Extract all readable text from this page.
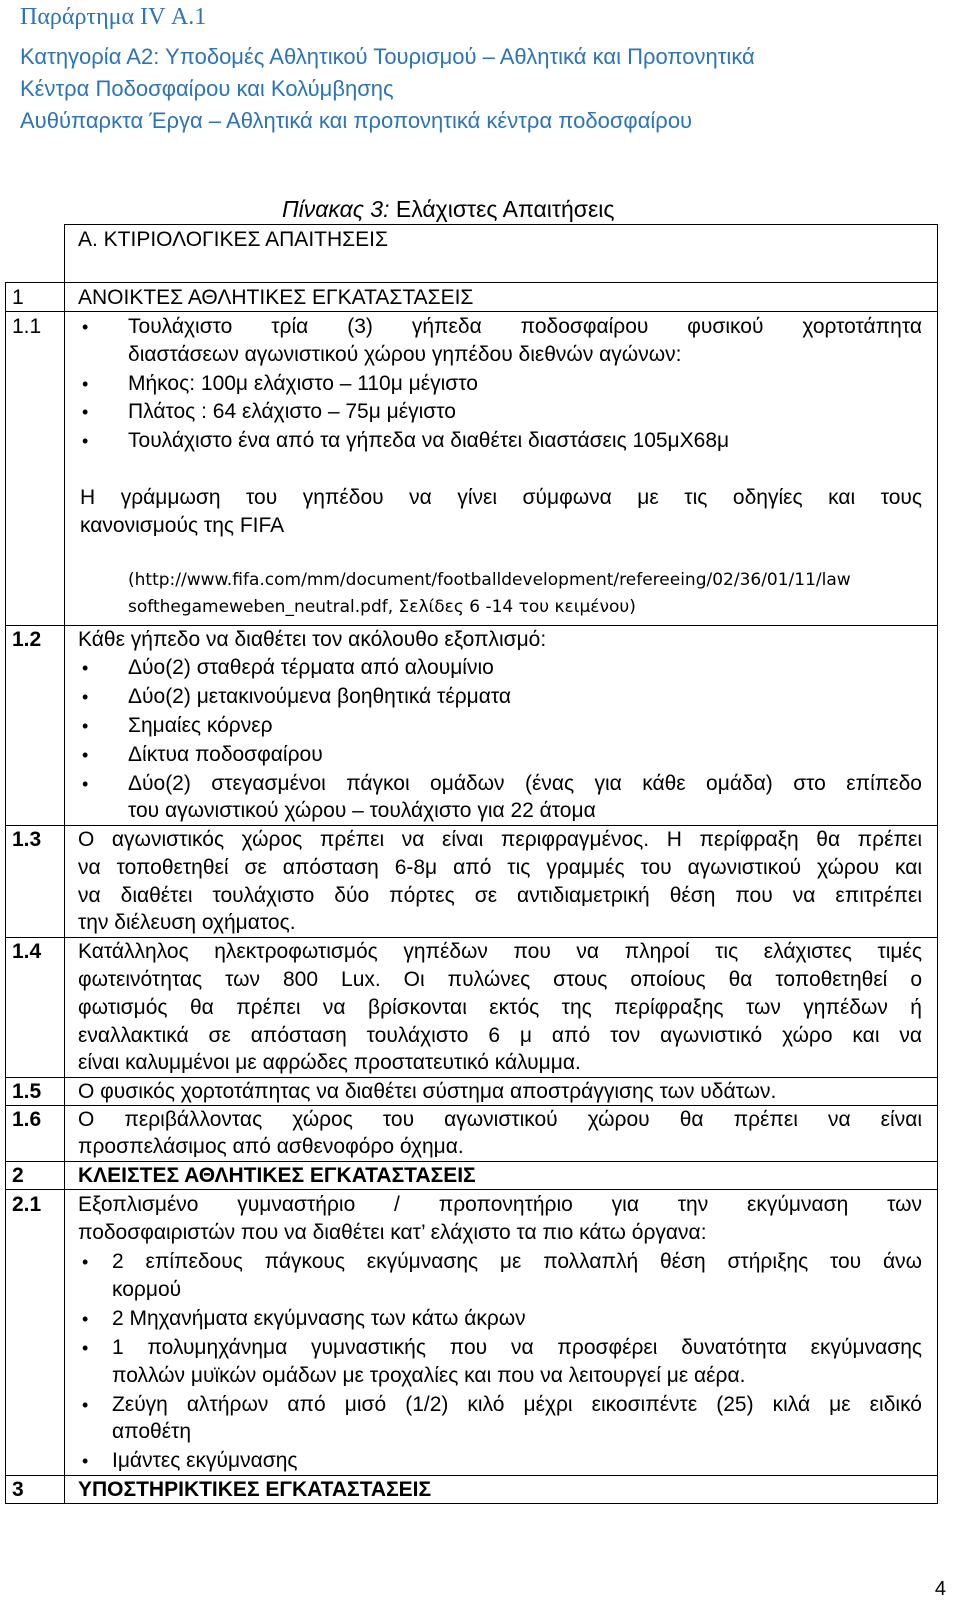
Παράρτημα IV Α.1
Κατηγορία Α2: Υποδομές Αθλητικού Τουρισμού – Αθλητικά και Προπονητικά
Κέντρα Ποδοσφαίρου και Κολύμβησης
Αυθύπαρκτα Έργα – Αθλητικά και προπονητικά κέντρα ποδοσφαίρου
Πίνακας 3: Ελάχιστες Απαιτήσεις
Α. ΚΤΙΡΙΟΛΟΓΙΚΕΣ ΑΠΑΙΤΗΣΕΙΣ
1	ΑΝΟΙΚΤΕΣ ΑΘΛΗΤΙΚΕΣ ΕΓΚΑΤΑΣΤΑΣΕΙΣ
1.1 • Τουλάχιστο τρία (3) γήπεδα ποδοσφαίρου φυσικού χορτοτάπητα
διαστάσεων αγωνιστικού χώρου γηπέδου διεθνών αγώνων:
• Μήκος: 100μ ελάχιστο – 110μ μέγιστο
• Πλάτος : 64 ελάχιστο – 75μ μέγιστο
• Τουλάχιστο ένα από τα γήπεδα να διαθέτει διαστάσεις 105μΧ68μ
Η γράμμωση του γηπέδου να γίνει σύμφωνα με τις οδηγίες και τους
κανονισμούς της FIFA
(http://www.fifa.com/mm/document/footballdevelopment/refereeing/02/36/01/11/law
softhegameweben_neutral.pdf, Σελίδες 6 -14 του κειμένου)
1.2 Κάθε γήπεδο να διαθέτει τον ακόλουθο εξοπλισμό:
• Δύο(2) σταθερά τέρματα από αλουμίνιο
• Δύο(2) μετακινούμενα βοηθητικά τέρματα
• Σημαίες κόρνερ
• Δίκτυα ποδοσφαίρου
• Δύο(2) στεγασμένοι πάγκοι ομάδων (ένας για κάθε ομάδα) στο επίπεδο
του αγωνιστικού χώρου – τουλάχιστο για 22 άτομα
1.3 Ο αγωνιστικός χώρος πρέπει να είναι περιφραγμένος. Η περίφραξη θα πρέπει
να τοποθετηθεί σε απόσταση 6-8μ από τις γραμμές του αγωνιστικού χώρου και
να διαθέτει τουλάχιστο δύο πόρτες σε αντιδιαμετρική θέση που να επιτρέπει
την διέλευση οχήματος.
1.4 Κατάλληλος ηλεκτροφωτισμός γηπέδων που να πληροί τις ελάχιστες τιμές
φωτεινότητας των 800 Lux. Οι πυλώνες στους οποίους θα τοποθετηθεί ο
φωτισμός θα πρέπει να βρίσκονται εκτός της περίφραξης των γηπέδων ή
εναλλακτικά σε απόσταση τουλάχιστο 6 μ από τον αγωνιστικό χώρο και να
είναι καλυμμένοι με αφρώδες προστατευτικό κάλυμμα.
1.5 Ο φυσικός χορτοτάπητας να διαθέτει σύστημα αποστράγγισης των υδάτων.
1.6 Ο περιβάλλοντας χώρος του αγωνιστικού χώρου θα πρέπει να είναι
προσπελάσιμος από ασθενοφόρο όχημα.
2	ΚΛΕΙΣΤΕΣ ΑΘΛΗΤΙΚΕΣ ΕΓΚΑΤΑΣΤΑΣΕΙΣ
2.1 Εξοπλισμένο γυμναστήριο / προπονητήριο για την εκγύμναση των
ποδοσφαιριστών που να διαθέτει κατ’ ελάχιστο τα πιο κάτω όργανα:
• 2 επίπεδους πάγκους εκγύμνασης με πολλαπλή θέση στήριξης του άνω
κορμού
• 2 Μηχανήματα εκγύμνασης των κάτω άκρων
• 1 πολυμηχάνημα γυμναστικής που να προσφέρει δυνατότητα εκγύμνασης
πολλών μυϊκών ομάδων με τροχαλίες και που να λειτουργεί με αέρα.
• Ζεύγη αλτήρων από μισό (1/2) κιλό μέχρι εικοσιπέντε (25) κιλά με ειδικό
αποθέτη
• Ιμάντες εκγύμνασης
3	ΥΠΟΣΤΗΡΙΚΤΙΚΕΣ ΕΓΚΑΤΑΣΤΑΣΕΙΣ
4
